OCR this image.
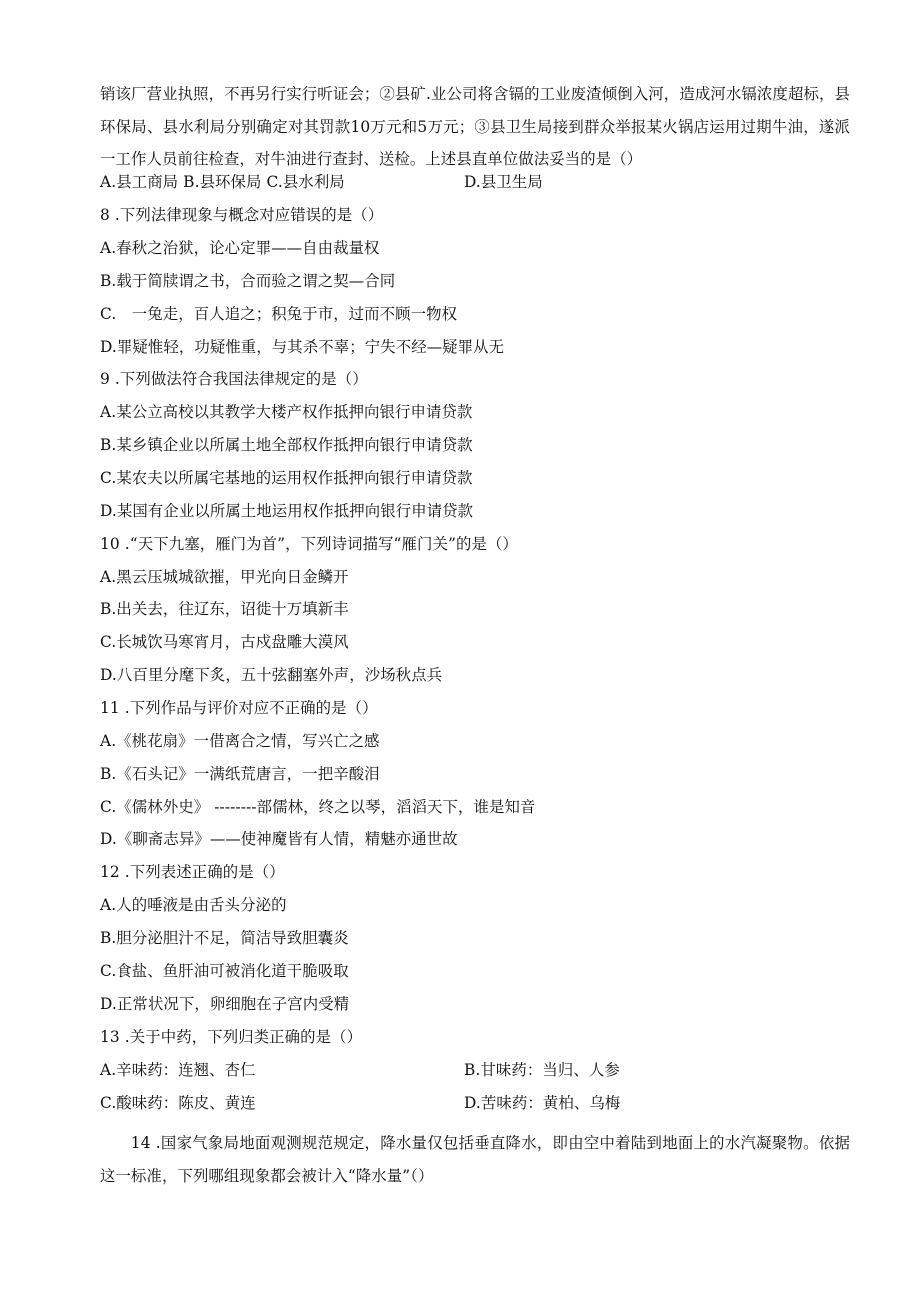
销该厂营业执照，不再另行实行听证会；②县矿.业公司将含镉的工业废渣倾倒入河，造成河水镉浓度超标，县环保局、县水利局分别确定对其罚款10万元和5万元；③县卫生局接到群众举报某火锅店运用过期牛油，遂派一工作人员前往检查，对牛油进行查封、送检。上述县直单位做法妥当的是（）
A.县工商局 B.县环保局 C.县水利局	D.县卫生局
8 .下列法律现象与概念对应错误的是（）
A.春秋之治狱，论心定罪——自由裁量权
B.载于简牍谓之书，合而验之谓之契—合同
C.　一兔走，百人追之；积兔于市，过而不顾一物权
D.罪疑惟轻，功疑惟重，与其杀不辜；宁失不经—疑罪从无
9 .下列做法符合我国法律规定的是（）
A.某公立高校以其教学大楼产权作抵押向银行申请贷款
B.某乡镇企业以所属土地全部权作抵押向银行申请贷款
C.某农夫以所属宅基地的运用权作抵押向银行申请贷款
D.某国有企业以所属土地运用权作抵押向银行申请贷款
10 .“天下九塞，雁门为首”，下列诗词描写“雁门关”的是（）
A.黑云压城城欲摧，甲光向日金鳞开
B.出关去，往辽东，诏徙十万填新丰
C.长城饮马寒宵月，古戍盘雕大漠风
D.八百里分麾下炙，五十弦翻塞外声，沙场秋点兵
11 .下列作品与评价对应不正确的是（）
A.《桃花扇》一借离合之情，写兴亡之感
B.《石头记》一满纸荒唐言，一把辛酸泪
C.《儒林外史》 --------部儒林，终之以琴，滔滔天下，谁是知音
D.《聊斋志异》——使神魔皆有人情，精魅亦通世故
12 .下列表述正确的是（）
A.人的唾液是由舌头分泌的
B.胆分泌胆汁不足，简洁导致胆囊炎
C.食盐、鱼肝油可被消化道干脆吸取
D.正常状况下，卵细胞在子宫内受精
13 .关于中药，下列归类正确的是（）
A.辛味药：连翘、杏仁	B.甘味药：当归、人参
C.酸味药：陈皮、黄连	D.苦味药：黄柏、乌梅
14 .国家气象局地面观测规范规定，降水量仅包括垂直降水，即由空中着陆到地面上的水汽凝聚物。依据这一标准，下列哪组现象都会被计入“降水量”（）
